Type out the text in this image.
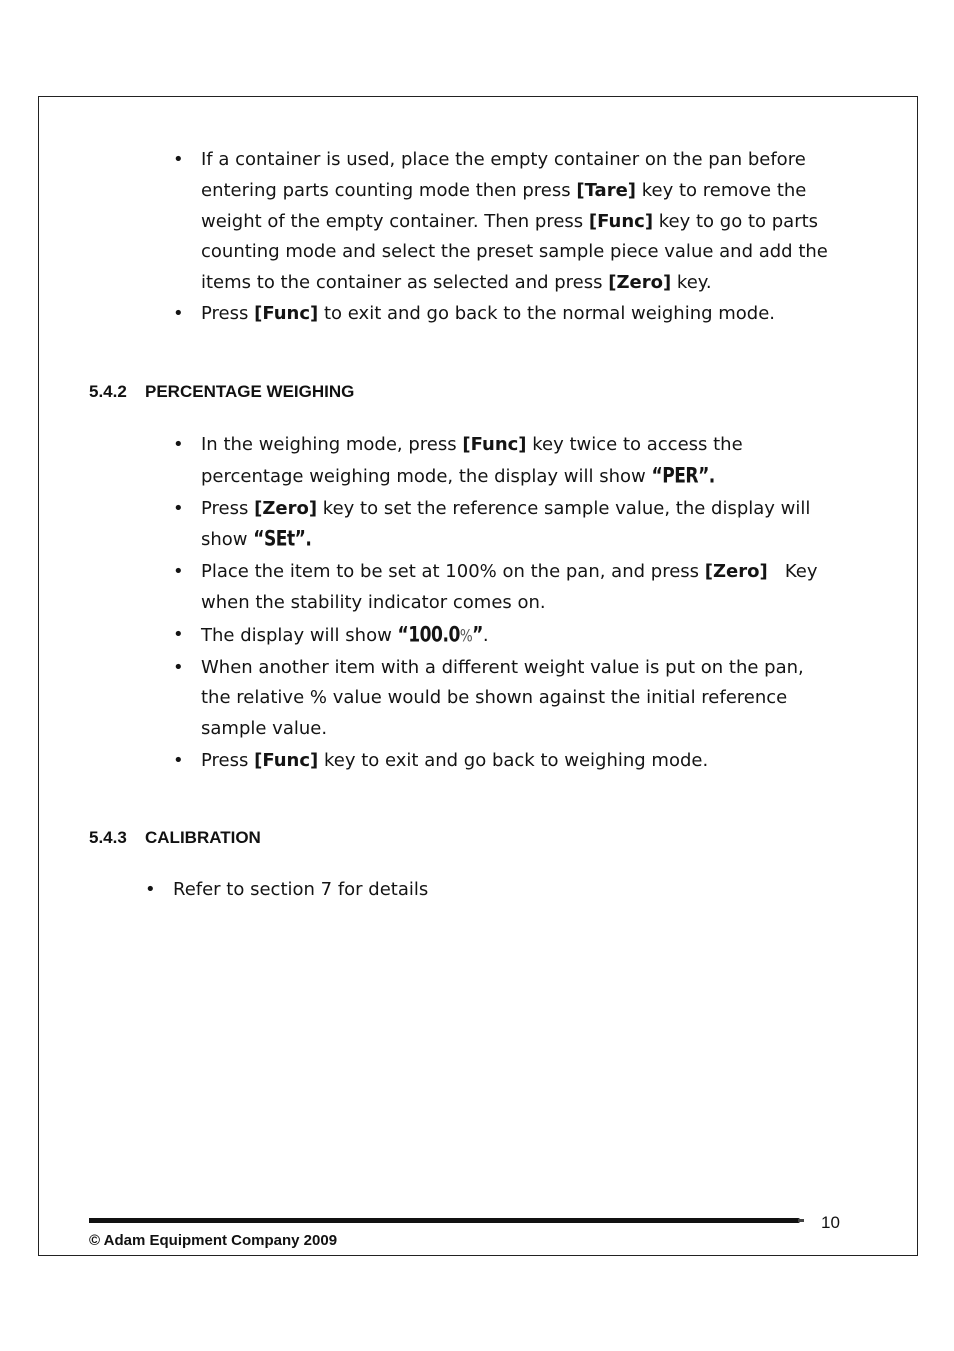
• If a container is used, place the empty container on the pan before entering parts counting mode then press [Tare] key to remove the weight of the empty container. Then press [Func] key to go to parts counting mode and select the preset sample piece value and add the items to the container as selected and press [Zero] key.
• Press [Func] to exit and go back to the normal weighing mode.
5.4.2 PERCENTAGE WEIGHING
• In the weighing mode, press [Func] key twice to access the percentage weighing mode, the display will show “PER”.
• Press [Zero] key to set the reference sample value, the display will show “SEt”.
• Place the item to be set at 100% on the pan, and press [Zero]   Key when the stability indicator comes on.
• The display will show “100.0%”.
• When another item with a different weight value is put on the pan, the relative % value would be shown against the initial reference sample value.
• Press [Func] key to exit and go back to weighing mode.
5.4.3 CALIBRATION
• Refer to section 7 for details
10
© Adam Equipment Company 2009
